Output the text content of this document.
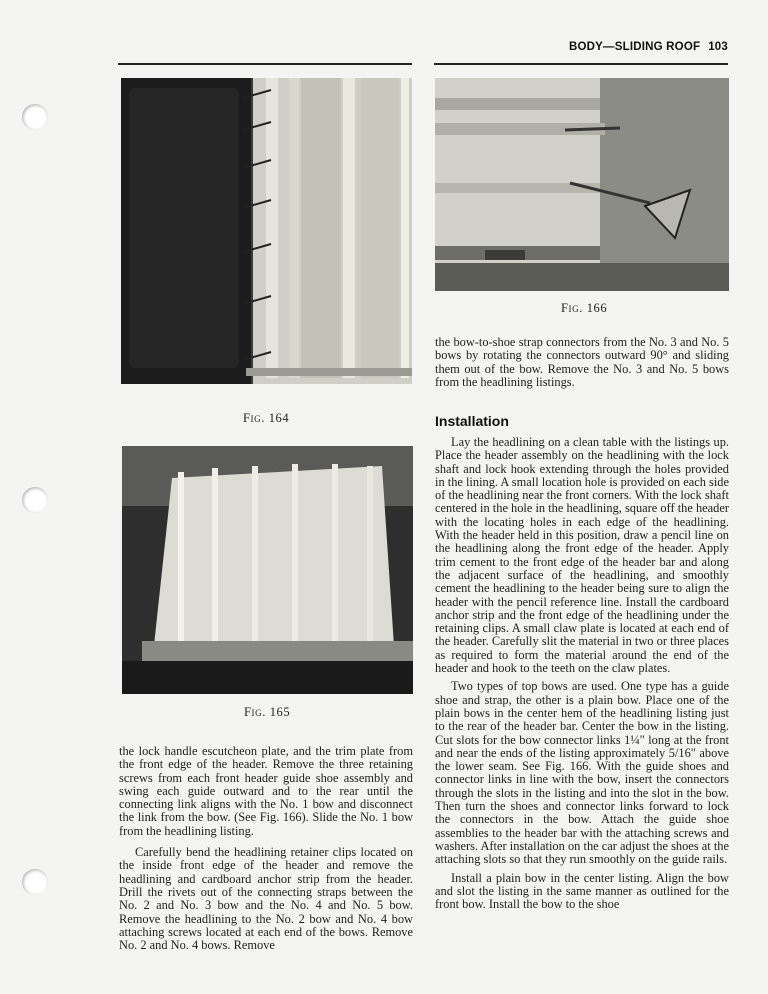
BODY—SLIDING ROOF 103
Fig. 164
Fig. 165
Fig. 166

the lock handle escutcheon plate, and the trim plate from the front edge of the header. Remove the three retaining screws from each front header guide shoe assembly and swing each guide outward and to the rear until the connecting link aligns with the No. 1 bow and disconnect the link from the bow. (See Fig. 166). Slide the No. 1 bow from the headlining listing.

Carefully bend the headlining retainer clips located on the inside front edge of the header and remove the headlining and cardboard anchor strip from the header. Drill the rivets out of the connecting straps between the No. 2 and No. 3 bow and the No. 4 and No. 5 bow. Remove the headlining to the No. 2 bow and No. 4 bow attaching screws located at each end of the bows. Remove No. 2 and No. 4 bows. Remove

the bow-to-shoe strap connectors from the No. 3 and No. 5 bows by rotating the connectors outward 90° and sliding them out of the bow. Remove the No. 3 and No. 5 bows from the headlining listings.

Installation

Lay the headlining on a clean table with the listings up. Place the header assembly on the headlining with the lock shaft and lock hook extending through the holes provided in the lining. A small location hole is provided on each side of the headlining near the front corners. With the lock shaft centered in the hole in the headlining, square off the header with the locating holes in each edge of the headlining. With the header held in this position, draw a pencil line on the headlining along the front edge of the header. Apply trim cement to the front edge of the header bar and along the adjacent surface of the headlining, and smoothly cement the headlining to the header being sure to align the header with the pencil reference line. Install the cardboard anchor strip and the front edge of the headlining under the retaining clips. A small claw plate is located at each end of the header. Carefully slit the material in two or three places as required to form the material around the end of the header and hook to the teeth on the claw plates.

Two types of top bows are used. One type has a guide shoe and strap, the other is a plain bow. Place one of the plain bows in the center hem of the headlining listing just to the rear of the header bar. Center the bow in the listing. Cut slots for the bow connector links 1¼" long at the front and near the ends of the listing approximately 5/16" above the lower seam. See Fig. 166. With the guide shoes and connector links in line with the bow, insert the connectors through the slots in the listing and into the slot in the bow. Then turn the shoes and connector links forward to lock the connectors in the bow. Attach the guide shoe assemblies to the header bar with the attaching screws and washers. After installation on the car adjust the shoes at the attaching slots so that they run smoothly on the guide rails.

Install a plain bow in the center listing. Align the bow and slot the listing in the same manner as outlined for the front bow. Install the bow to the shoe
